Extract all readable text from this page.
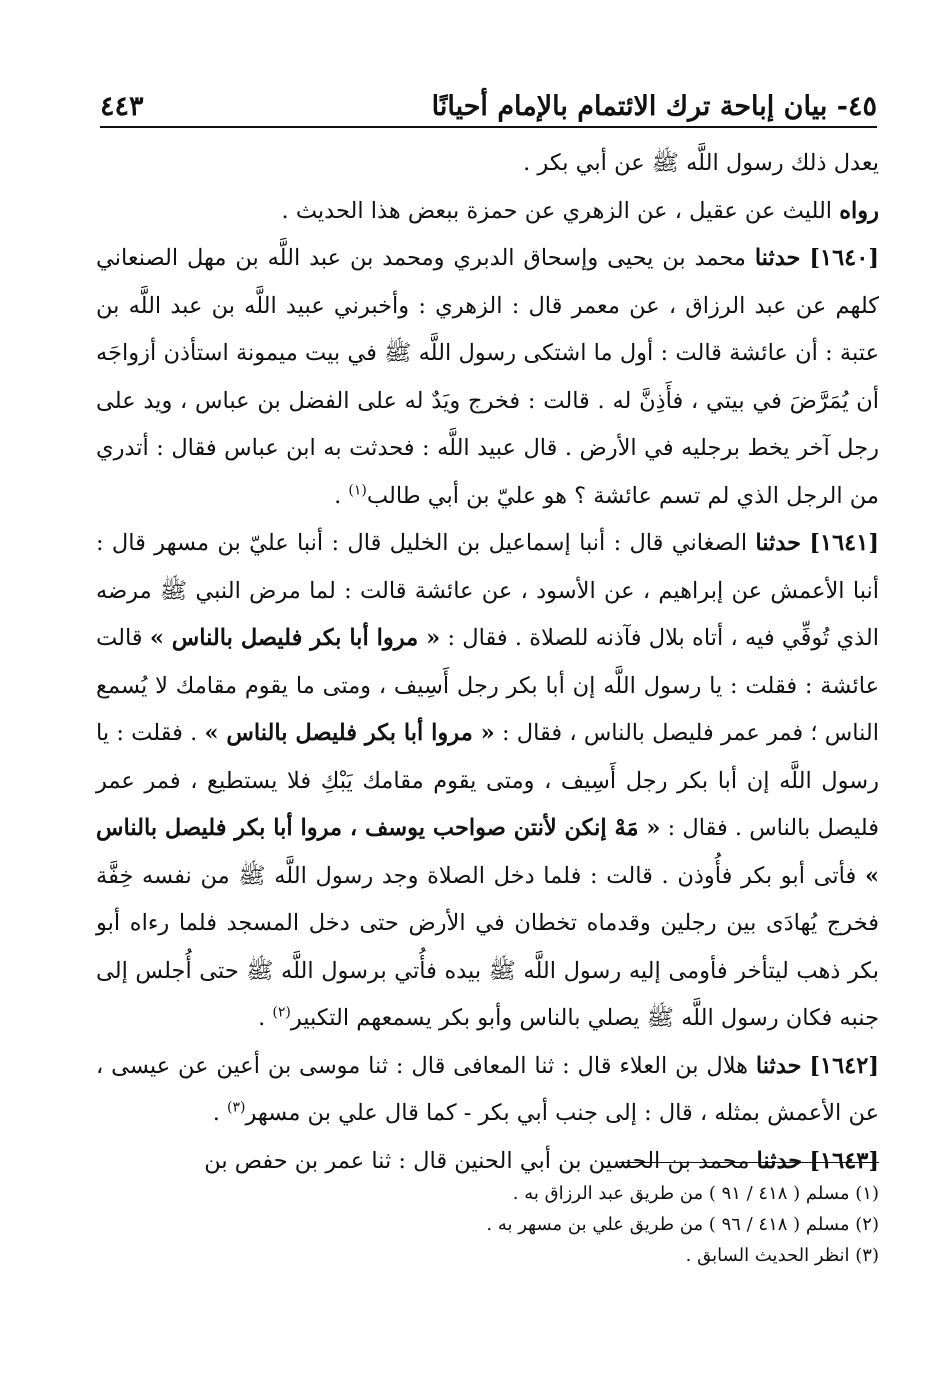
٤٥- بيان إباحة ترك الائتمام بالإمام أحيانًا
٤٤٣

يعدل ذلك رسول اللَّه ﷺ عن أبي بكر .

رواه الليث عن عقيل ، عن الزهري عن حمزة ببعض هذا الحديث .

[١٦٤٠] حدثنا محمد بن يحيى وإسحاق الدبري ومحمد بن عبد اللَّه بن مهل الصنعاني كلهم عن عبد الرزاق ، عن معمر قال : الزهري : وأخبرني عبيد اللَّه بن عبد اللَّه بن عتبة : أن عائشة قالت : أول ما اشتكى رسول اللَّه ﷺ في بيت ميمونة استأذن أزواجَه أن يُمَرَّضَ في بيتي ، فأَذِنَّ له . قالت : فخرج ويَدٌ له على الفضل بن عباس ، ويد على رجل آخر يخط برجليه في الأرض . قال عبيد اللَّه : فحدثت به ابن عباس فقال : أتدري من الرجل الذي لم تسم عائشة ؟ هو عليّ بن أبي طالب$^{(١)}$ .

[١٦٤١] حدثنا الصغاني قال : أنبا إسماعيل بن الخليل قال : أنبا عليّ بن مسهر قال : أنبا الأعمش عن إبراهيم ، عن الأسود ، عن عائشة قالت : لما مرض النبي ﷺ مرضه الذي تُوفِّي فيه ، أتاه بلال فآذنه للصلاة . فقال : « مروا أبا بكر فليصل بالناس » قالت عائشة : فقلت : يا رسول اللَّه إن أبا بكر رجل أَسِيف ، ومتى ما يقوم مقامك لا يُسمع الناس ؛ فمر عمر فليصل بالناس ، فقال : « مروا أبا بكر فليصل بالناس » . فقلت : يا رسول اللَّه إن أبا بكر رجل أَسِيف ، ومتى يقوم مقامك يَبْكِ فلا يستطيع ، فمر عمر فليصل بالناس . فقال : « مَهْ إنكن لأنتن صواحب يوسف ، مروا أبا بكر فليصل بالناس » فأتى أبو بكر فأُوذن . قالت : فلما دخل الصلاة وجد رسول اللَّه ﷺ من نفسه خِفَّة فخرج يُهادَى بين رجلين وقدماه تخطان في الأرض حتى دخل المسجد فلما رءاه أبو بكر ذهب ليتأخر فأومى إليه رسول اللَّه ﷺ بيده فأُتي برسول اللَّه ﷺ حتى أُجلس إلى جنبه فكان رسول اللَّه ﷺ يصلي بالناس وأبو بكر يسمعهم التكبير$^{(٢)}$ .

[١٦٤٢] حدثنا هلال بن العلاء قال : ثنا المعافى قال : ثنا موسى بن أعين عن عيسى ، عن الأعمش بمثله ، قال : إلى جنب أبي بكر - كما قال علي بن مسهر$^{(٣)}$ .

[١٦٤٣] حدثنا محمد بن الحسين بن أبي الحنين قال : ثنا عمر بن حفص بن

(١) مسلم ( ٤١٨ / ٩١ ) من طريق عبد الرزاق به .
(٢) مسلم ( ٤١٨ / ٩٦ ) من طريق علي بن مسهر به .
(٣) انظر الحديث السابق .
